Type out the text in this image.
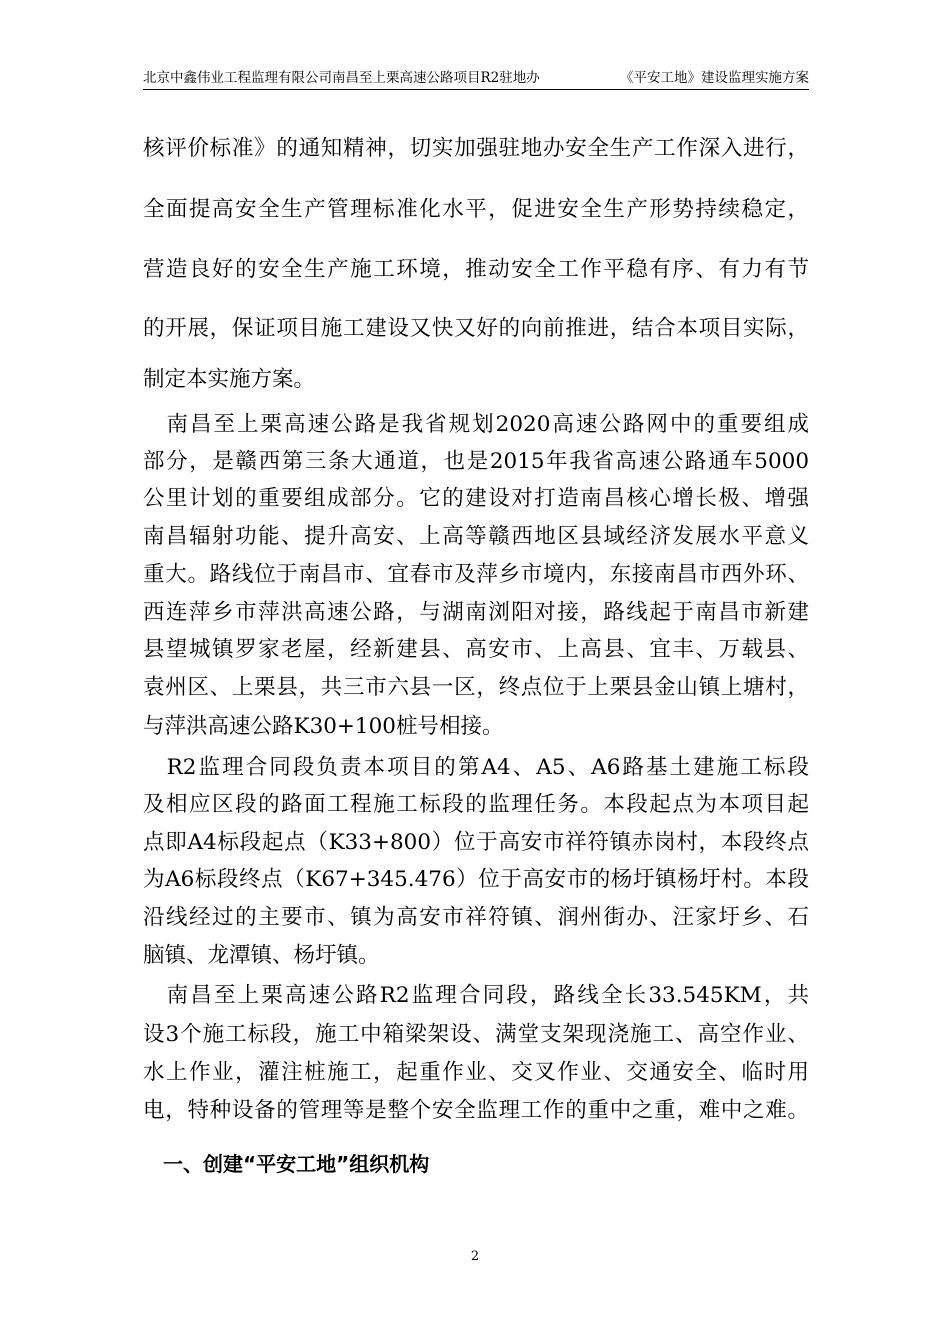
北京中鑫伟业工程监理有限公司南昌至上栗高速公路项目R2驻地办	《平安工地》建设监理实施方案
核评价标准》的通知精神，切实加强驻地办安全生产工作深入进行，
全面提高安全生产管理标准化水平，促进安全生产形势持续稳定，
营造良好的安全生产施工环境，推动安全工作平稳有序、有力有节
的开展，保证项目施工建设又快又好的向前推进，结合本项目实际，
制定本实施方案。
　南昌至上栗高速公路是我省规划2020高速公路网中的重要组成
部分，是赣西第三条大通道，也是2015年我省高速公路通车5000
公里计划的重要组成部分。它的建设对打造南昌核心增长极、增强
南昌辐射功能、提升高安、上高等赣西地区县域经济发展水平意义
重大。路线位于南昌市、宜春市及萍乡市境内，东接南昌市西外环、
西连萍乡市萍洪高速公路，与湖南浏阳对接，路线起于南昌市新建
县望城镇罗家老屋，经新建县、高安市、上高县、宜丰、万载县、
袁州区、上栗县，共三市六县一区，终点位于上栗县金山镇上塘村，
与萍洪高速公路K30+100桩号相接。
　R2监理合同段负责本项目的第A4、A5、A6路基土建施工标段
及相应区段的路面工程施工标段的监理任务。本段起点为本项目起
点即A4标段起点（K33+800）位于高安市祥符镇赤岗村，本段终点
为A6标段终点（K67+345.476）位于高安市的杨圩镇杨圩村。本段
沿线经过的主要市、镇为高安市祥符镇、润州街办、汪家圩乡、石
脑镇、龙潭镇、杨圩镇。
　南昌至上栗高速公路R2监理合同段，路线全长33.545KM，共
设3个施工标段，施工中箱梁架设、满堂支架现浇施工、高空作业、
水上作业，灌注桩施工，起重作业、交叉作业、交通安全、临时用
电，特种设备的管理等是整个安全监理工作的重中之重，难中之难。
　一、创建“平安工地”组织机构
2
